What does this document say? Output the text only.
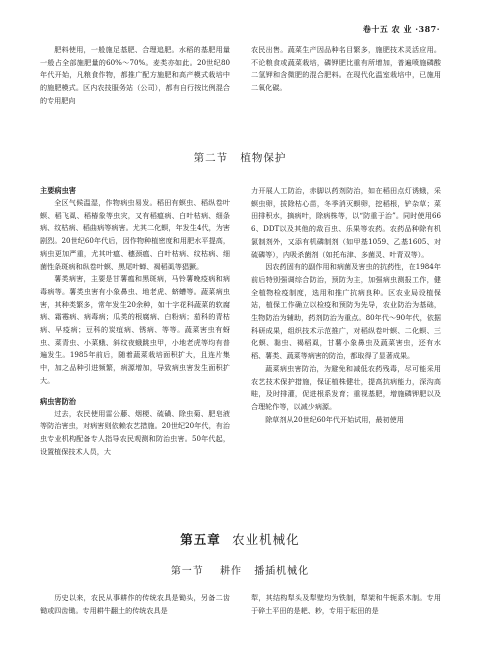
卷十五 农 业 ·387·

肥料使用，一般施足基肥、合理追肥。水稻的基肥用量一般占全部施肥量的60%～70%。麦类亦如此。20世纪80年代开始，凡粮食作物，都推广配方施肥和高产模式栽培中的施肥模式。区内农技服务站（公司），都有自行按比例混合的专用肥向

农民出售。蔬菜生产因品种名目繁多，施肥技术灵活应用。不论粮食或蔬菜栽培，磷钾肥比重有所增加，普遍喷施磷酸二氢钾和含微肥的混合肥料。在现代化温室栽培中，已施用二氧化碳。

第二节 植物保护

主要病虫害

全区气候温湿，作物病虫易发。稻田有螟虫、稻纵卷叶螟、稻飞虱、稻椿象等虫灾，又有稻瘟病、白叶枯病、细条病、纹枯病、稻曲病等病害。尤其二化螟，年发生4代，为害剧烈。20世纪60年代后，因作物种植密度和用肥水平提高，病虫更加严重，尤其叶瘟、穗颈瘟、白叶枯病、纹枯病、细菌性条斑病和纵卷叶螟、黑尾叶蝉、褐稻虱等猖獗。

薯类病害，主要是甘薯瘟和黑斑病，马铃薯晚疫病和病毒病等。薯类虫害有小象鼻虫、地老虎、蛴螬等。蔬菜病虫害，其种类繁多，常年发生20余种，如十字花科蔬菜的软腐病、霜霉病、病毒病；瓜类的根腐病、白粉病；茄科的青枯病、早疫病；豆科的炭疽病、锈病、等等。蔬菜害虫有蚜虫、菜青虫、小菜蛾、斜纹夜蛾跳虫甲，小地老虎等均有普遍发生。1985年前后，随着蔬菜栽培面积扩大，且连片集中，加之品种引进频繁，病源增加，导致病虫害发生面积扩大。

病虫害防治

过去，农民使用雷公藤、烟梗、硫磺、除虫菊、肥皂液等防治害虫，对病害则依赖农艺措施。20世纪20年代，有治虫专业机构配备专人指导农民观测和防治虫害。50年代起，设置植保技术人员，大

力开展人工防治，赤脚以药剂防治，如在稻田点灯诱蛾，采螟虫卵，拔除枯心苗，冬季消灭螟卵，挖稻根，铲杂草；菜田排积水，摘病叶，除病株等，以“防重于治”。同时使用666、DDT以及其他的敌百虫、乐果等农药。农药品种除有机氯制剂外，又添有机磷制剂（如甲基1059、乙基1605、对硫磷等），内吸杀菌剂（如托布津、多菌灵、叶青双等）。

因农药固有的副作用和病菌及害虫的抗药性，在1984年前后特别强调综合防治，预防为主，加强病虫测报工作，健全植物检疫制度，选用和推广抗病良种。区农业局设植保站，植保工作确立以检疫和预防为先导，农业防治为基础，生物防治为辅助，药剂防治为重点。80年代～90年代，依据科研成果，组织技术示范推广，对稻纵卷叶螟、二化螟、三化螟、黏虫、褐稻虱，甘薯小象鼻虫及蔬菜害虫，还有水稻、薯类、蔬菜等病害的防治，都取得了显著成果。

蔬菜病虫害防治，为避免和减低农药残毒，尽可能采用农艺技术保护措施，保证植株健壮，提高抗病能力，深沟高畦，及时排灌，促进根系发育；重视基肥，增施磷钾肥以及合理轮作等，以减少病源。

除草剂从20世纪60年代开始试用，最初使用

第五章 农业机械化
第一节 耕作 播插机械化

历史以来，农民从事耕作的传统农具是锄头，另备二齿锄或四齿锄。专用耕牛翻土的传统农具是

犁，其结构犁头及犁壁均为铁制，犁架和牛轭系木制。专用于碎土平田的是耙、耖，专用于耘田的是
